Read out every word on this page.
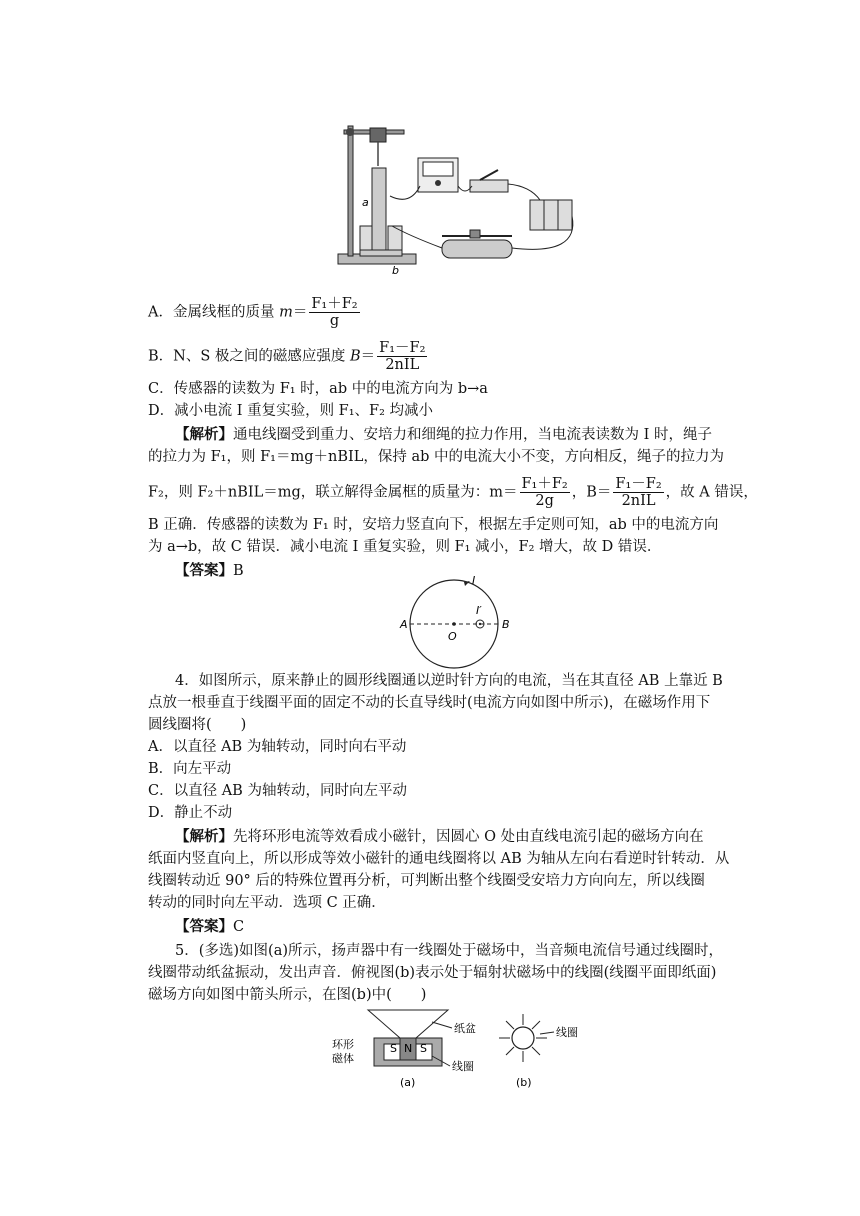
a
b
A．金属线框的质量 $m= \frac{\text{F₁＋F₂}}{g}$
B．N、S 极之间的磁感应强度 $B= \frac{\text{F₁－F₂}}{\text{2nIL}}$
C．传感器的读数为 F₁ 时，ab 中的电流方向为 b→a
D．减小电流 I 重复实验，则 F₁、F₂ 均减小
【解析】通电线圈受到重力、安培力和细绳的拉力作用，当电流表读数为 I 时，绳子
的拉力为 F₁，则 F₁＝mg＋nBIL，保持 ab 中的电流大小不变，方向相反，绳子的拉力为
F₂，则 F₂＋nBIL＝mg，联立解得金属框的质量为：$m= \frac{\text{F₁＋F₂}}{2g}$ ，$B= \frac{\text{F₁－F₂}}{\text{2nIL}}$ ，故 A 错误，
B 正确．传感器的读数为 F₁ 时，安培力竖直向下，根据左手定则可知，ab 中的电流方向
为 a→b，故 C 错误．减小电流 I 重复实验，则 F₁ 减小，F₂ 增大，故 D 错误．
【答案】B
I
I′
A	B
O
4．如图所示，原来静止的圆形线圈通以逆时针方向的电流，当在其直径 AB 上靠近 B
点放一根垂直于线圈平面的固定不动的长直导线时(电流方向如图中所示)，在磁场作用下
圆线圈将(　　)
A．以直径 AB 为轴转动，同时向右平动
B．向左平动
C．以直径 AB 为轴转动，同时向左平动
D．静止不动
【解析】先将环形电流等效看成小磁针，因圆心 O 处由直线电流引起的磁场方向在
纸面内竖直向上，所以形成等效小磁针的通电线圈将以 AB 为轴从左向右看逆时针转动．从
线圈转动近 90° 后的特殊位置再分析，可判断出整个线圈受安培力方向向左，所以线圈
转动的同时向左平动．选项 C 正确．
【答案】C
5．(多选)如图(a)所示，扬声器中有一线圈处于磁场中，当音频电流信号通过线圈时，
线圈带动纸盆振动，发出声音．俯视图(b)表示处于辐射状磁场中的线圈(线圈平面即纸面)
磁场方向如图中箭头所示，在图(b)中(　　)
纸盆
S N S
环形
磁体
线圈
(a)
线圈
(b)
